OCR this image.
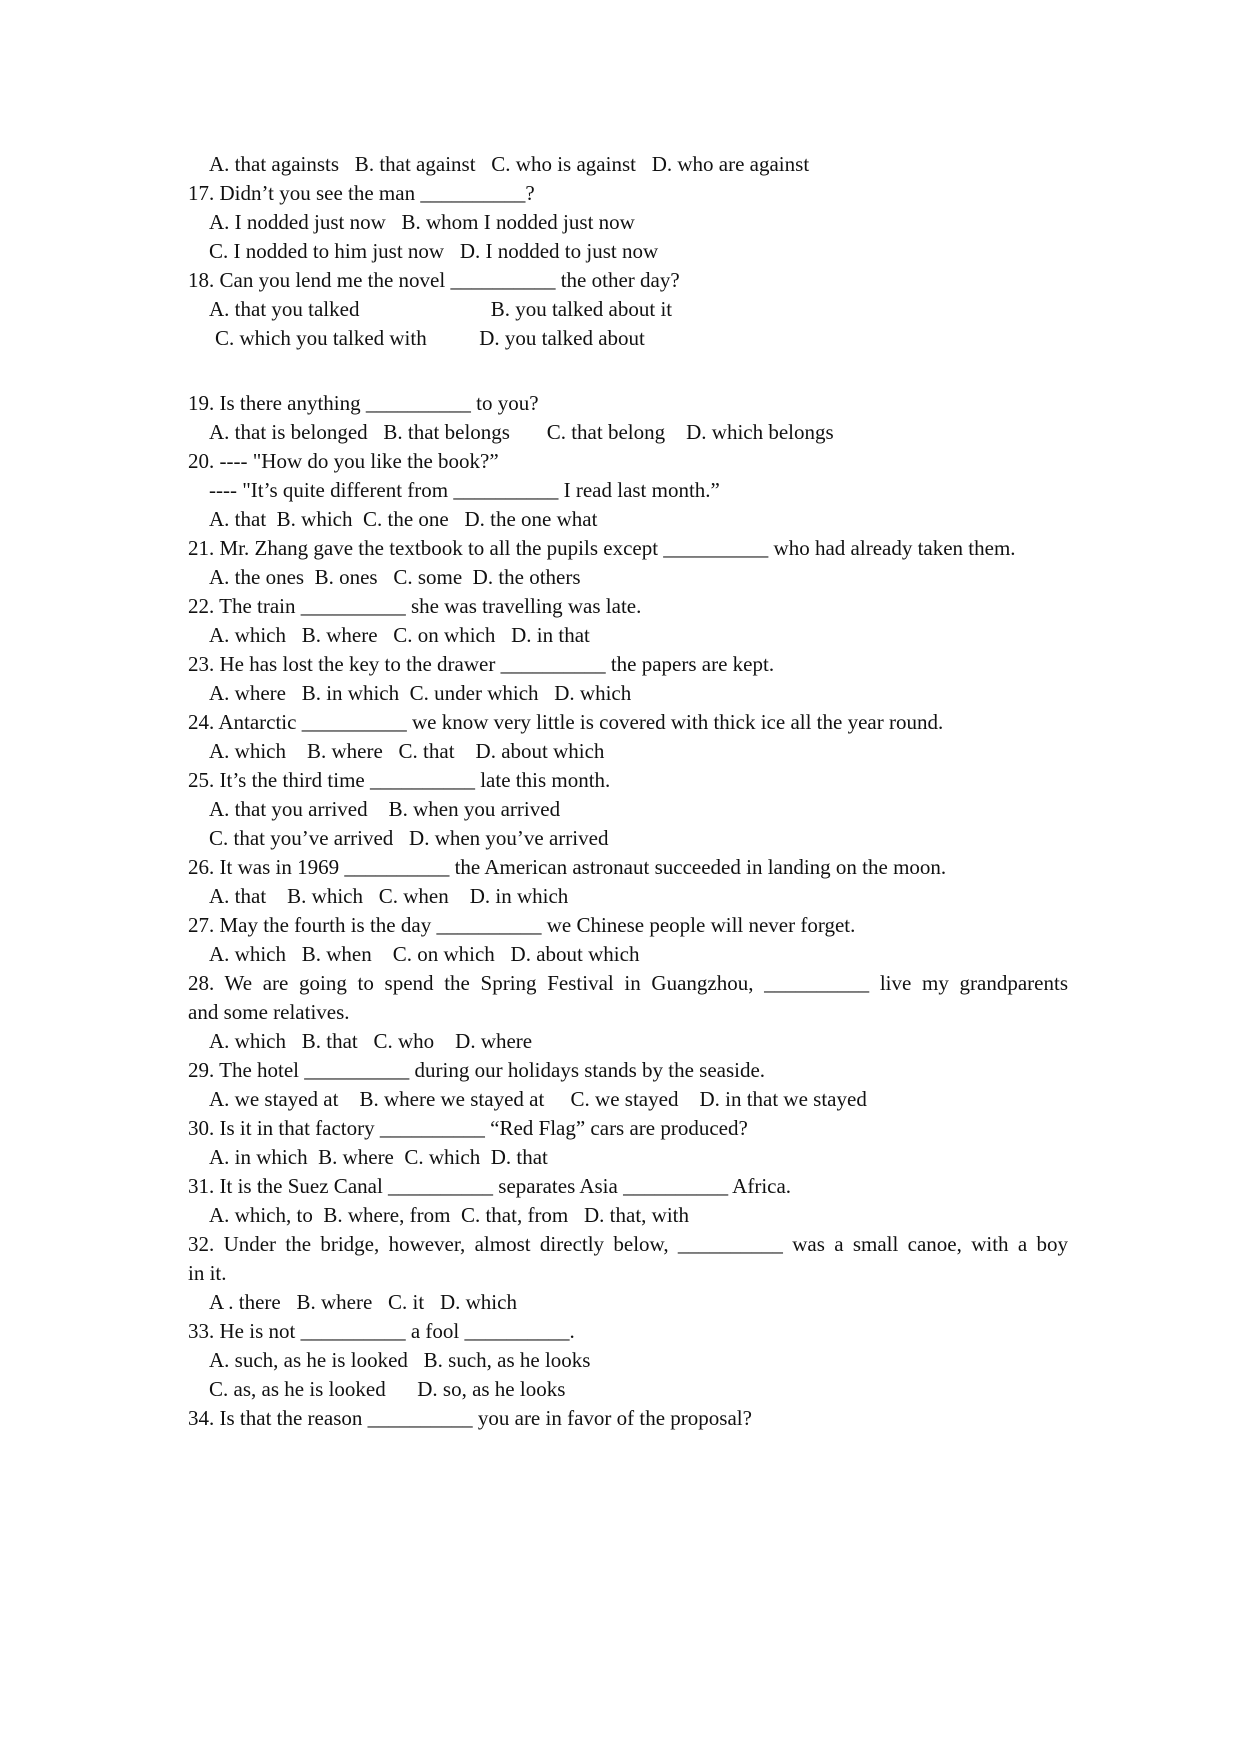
A. that againsts   B. that against   C. who is against   D. who are against
17. Didn’t you see the man __________?
A. I nodded just now   B. whom I nodded just now
C. I nodded to him just now   D. I nodded to just now
18. Can you lend me the novel __________ the other day?
A. that you talked                         B. you talked about it
C. which you talked with          D. you talked about
19. Is there anything __________ to you?
A. that is belonged   B. that belongs       C. that belong    D. which belongs
20. ---- "How do you like the book?”
---- "It’s quite different from __________ I read last month.”
A. that  B. which  C. the one   D. the one what
21. Mr. Zhang gave the textbook to all the pupils except __________ who had already taken them.
A. the ones  B. ones   C. some  D. the others
22. The train __________ she was travelling was late.
A. which   B. where   C. on which   D. in that
23. He has lost the key to the drawer __________ the papers are kept.
A. where   B. in which  C. under which   D. which
24. Antarctic __________ we know very little is covered with thick ice all the year round.
A. which    B. where   C. that    D. about which
25. It’s the third time __________ late this month.
A. that you arrived    B. when you arrived
C. that you’ve arrived   D. when you’ve arrived
26. It was in 1969 __________ the American astronaut succeeded in landing on the moon.
A. that    B. which   C. when    D. in which
27. May the fourth is the day __________ we Chinese people will never forget.
A. which   B. when    C. on which   D. about which
28. We are going to spend the Spring Festival in Guangzhou, __________ live my grandparents
and some relatives.
A. which   B. that   C. who    D. where
29. The hotel __________ during our holidays stands by the seaside.
A. we stayed at    B. where we stayed at     C. we stayed    D. in that we stayed
30. Is it in that factory __________ “Red Flag” cars are produced?
A. in which  B. where  C. which  D. that
31. It is the Suez Canal __________ separates Asia __________ Africa.
A. which, to  B. where, from  C. that, from   D. that, with
32. Under the bridge, however, almost directly below, __________ was a small canoe, with a boy
in it.
A . there   B. where   C. it   D. which
33. He is not __________ a fool __________.
A. such, as he is looked   B. such, as he looks
C. as, as he is looked      D. so, as he looks
34. Is that the reason __________ you are in favor of the proposal?
